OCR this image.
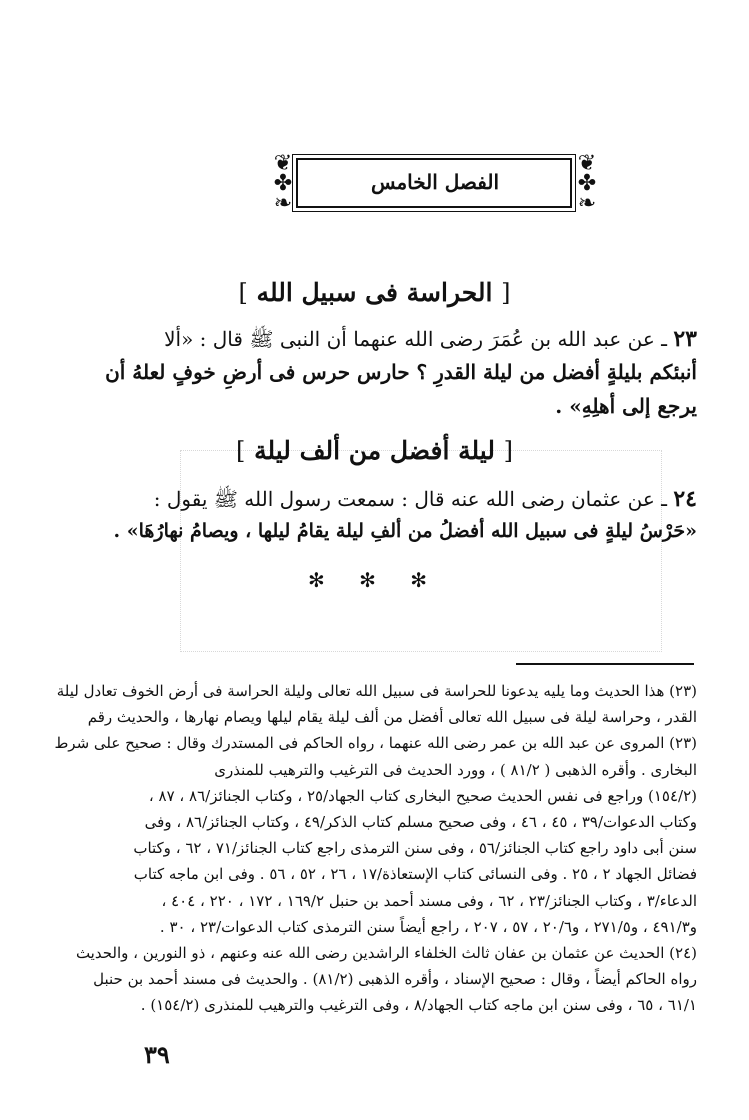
❦
✤
❧
الفصل الخامس
❦
✤
❧
[ الحراسة فى سبيل الله ]
٢٣ ـ عن عبد الله بن عُمَرَ رضى الله عنهما أن النبى ﷺ قال : «ألا
أنبئكم بليلةٍ أفضل من ليلة القدرِ ؟ حارس حرس فى أرضِ خوفٍ لعلهُ أن
يرجع إلى أهلِهِ» .
[ ليلة أفضل من ألف ليلة ]
٢٤ ـ عن عثمان رضى الله عنه قال : سمعت رسول الله ﷺ يقول :
«حَرْسُ ليلةٍ فى سبيل الله أفضلُ من ألفِ ليلة يقامُ ليلها ، ويصامُ نهارُهَا» .
✻ ✻ ✻
(٢٣) هذا الحديث وما يليه يدعونا للحراسة فى سبيل الله تعالى وليلة الحراسة فى أرض الخوف تعادل ليلة
القدر ، وحراسة ليلة فى سبيل الله تعالى أفضل من ألف ليلة يقام ليلها ويصام نهارها ، والحديث رقم
(٢٣) المروى عن عبد الله بن عمر رضى الله عنهما ، رواه الحاكم فى المستدرك وقال : صحيح على شرط
البخارى . وأقره الذهبى ( ٨١/٢ ) ، وورد الحديث فى الترغيب والترهيب للمنذرى
(١٥٤/٢) وراجع فى نفس الحديث صحيح البخارى كتاب الجهاد/٢٥ ، وكتاب الجنائز/٨٦ ، ٨٧ ،
وكتاب الدعوات/٣٩ ، ٤٥ ، ٤٦ ، وفى صحيح مسلم كتاب الذكر/٤٩ ، وكتاب الجنائز/٨٦ ، وفى
سنن أبى داود راجع كتاب الجنائز/٥٦ ، وفى سنن الترمذى راجع كتاب الجنائز/٧١ ، ٦٢ ، وكتاب
فضائل الجهاد ٢ ، ٢٥ . وفى النسائى كتاب الإستعاذة/١٧ ، ٢٦ ، ٥٢ ، ٥٦ . وفى ابن ماجه كتاب
الدعاء/٣ ، وكتاب الجنائز/٢٣ ، ٦٢ ، وفى مسند أحمد بن حنبل ١٦٩/٢ ، ١٧٢ ، ٢٢٠ ، ٤٠٤ ،
و٤٩١/٣ ، و٢٧١/٥ ، و٢٠/٦ ، ٥٧ ، ٢٠٧ ، راجع أيضاً سنن الترمذى كتاب الدعوات/٢٣ ، ٣٠ .
(٢٤) الحديث عن عثمان بن عفان ثالث الخلفاء الراشدين رضى الله عنه وعنهم ، ذو النورين ، والحديث
رواه الحاكم أيضاً ، وقال : صحيح الإسناد ، وأقره الذهبى (٨١/٢) . والحديث فى مسند أحمد بن حنبل
٦١/١ ، ٦٥ ، وفى سنن ابن ماجه كتاب الجهاد/٨ ، وفى الترغيب والترهيب للمنذرى (١٥٤/٢) .
٣٩
